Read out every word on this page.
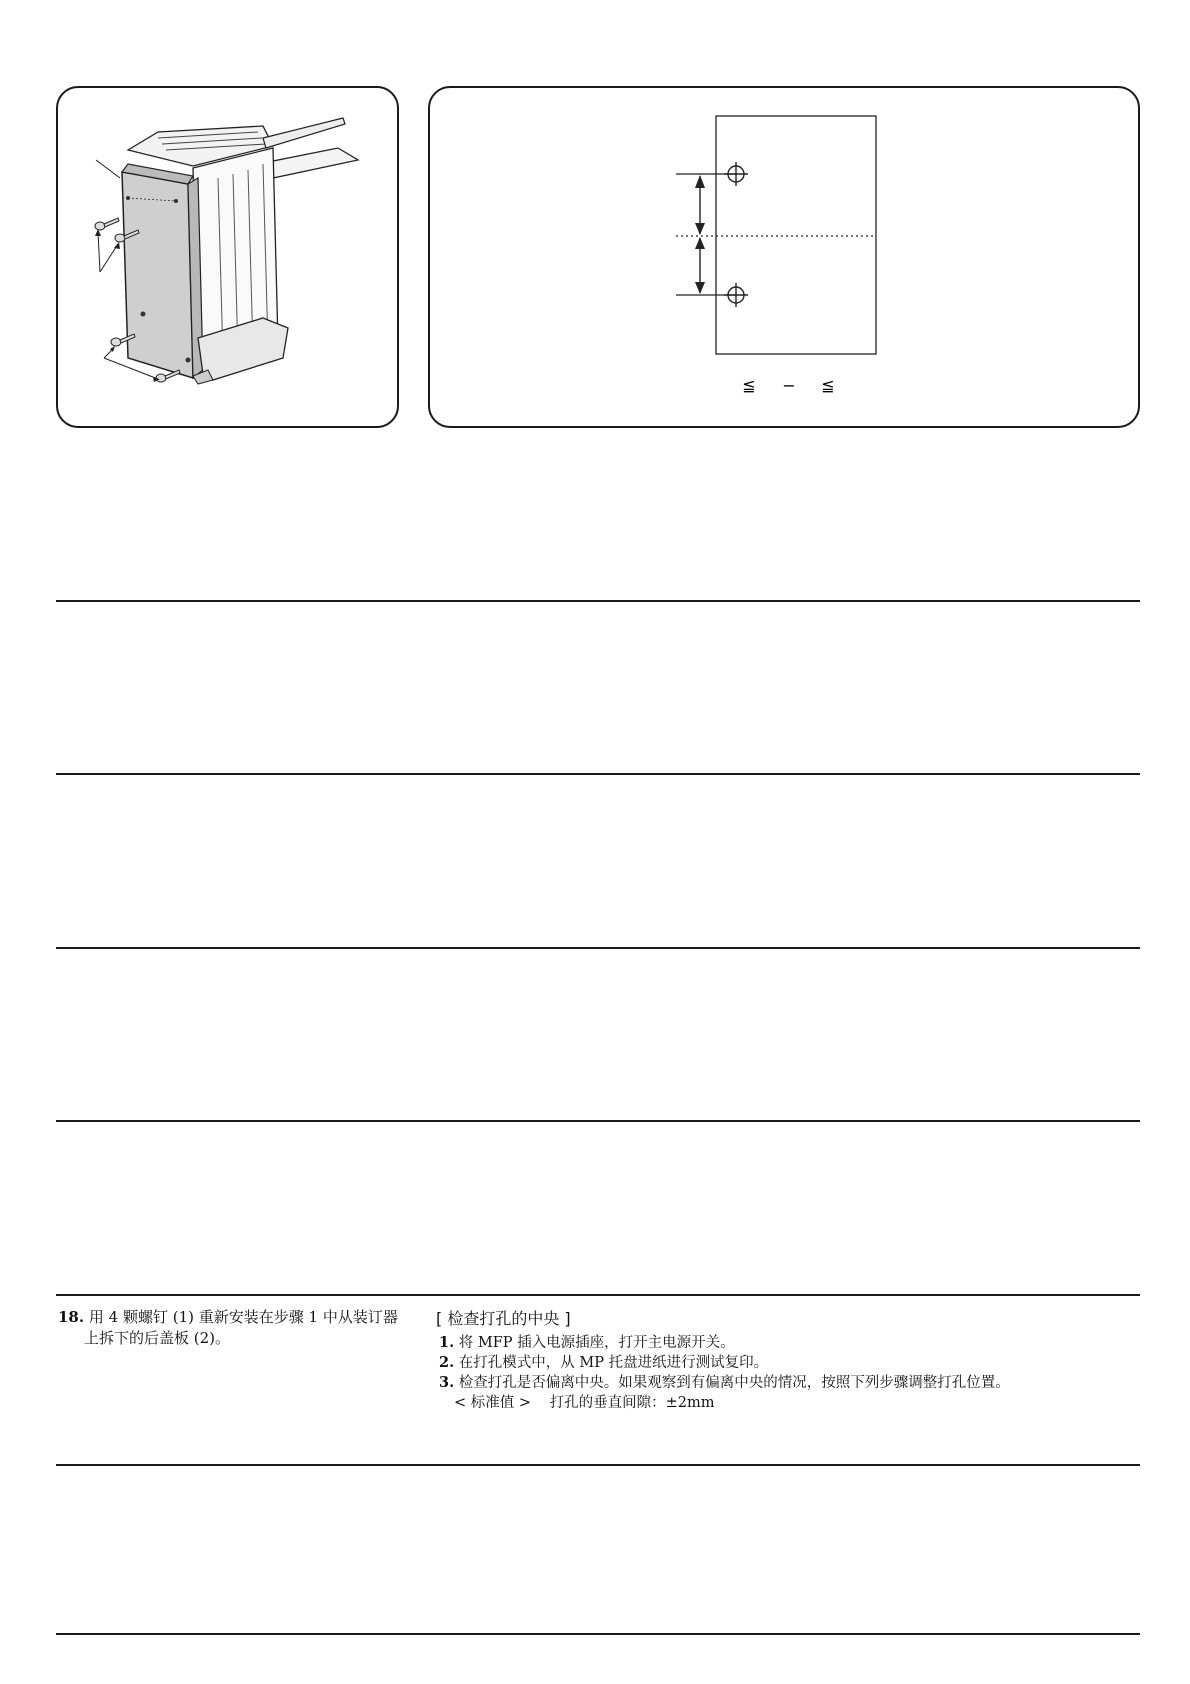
≦ − ≦
18. 用 4 颗螺钉 (1) 重新安装在步骤 1 中从装订器
上拆下的后盖板 (2)。
[ 检查打孔的中央 ]
1. 将 MFP 插入电源插座，打开主电源开关。
2. 在打孔模式中，从 MP 托盘进纸进行测试复印。
3. 检查打孔是否偏离中央。如果观察到有偏离中央的情况，按照下列步骤调整打孔位置。
< 标准值 > 打孔的垂直间隙：±2mm
